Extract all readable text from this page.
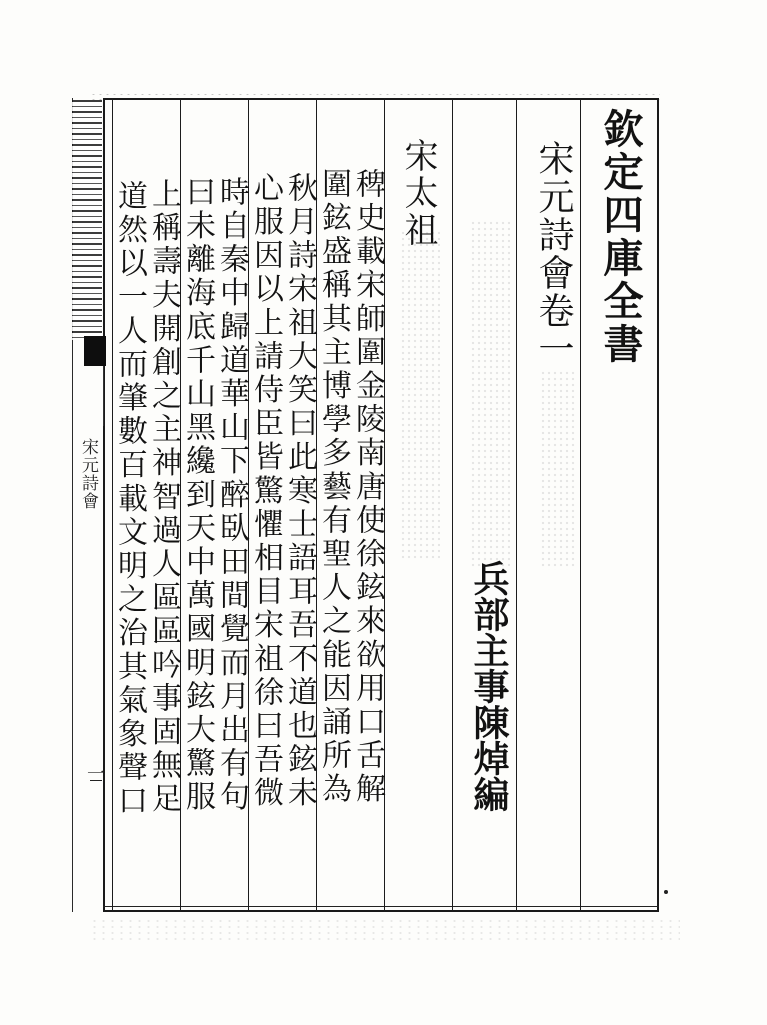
宋元詩會
一
欽定四庫全書
宋元詩會卷一
兵部主事陳焯編
宋太祖
稗史載宋師圍金陵南唐使徐鉉來欲用口舌解
圍鉉盛稱其主博學多藝有聖人之能因誦所為
秋月詩宋祖大笑曰此寒士語耳吾不道也鉉未
心服因以上請侍臣皆驚懼相目宋祖徐曰吾微
時自秦中歸道華山下醉臥田間覺而月出有句
曰未離海底千山黑纔到天中萬國明鉉大驚服
上稱壽夫開創之主神智過人區區吟事固無足
道然以一人而肇數百載文明之治其氣象聲口
